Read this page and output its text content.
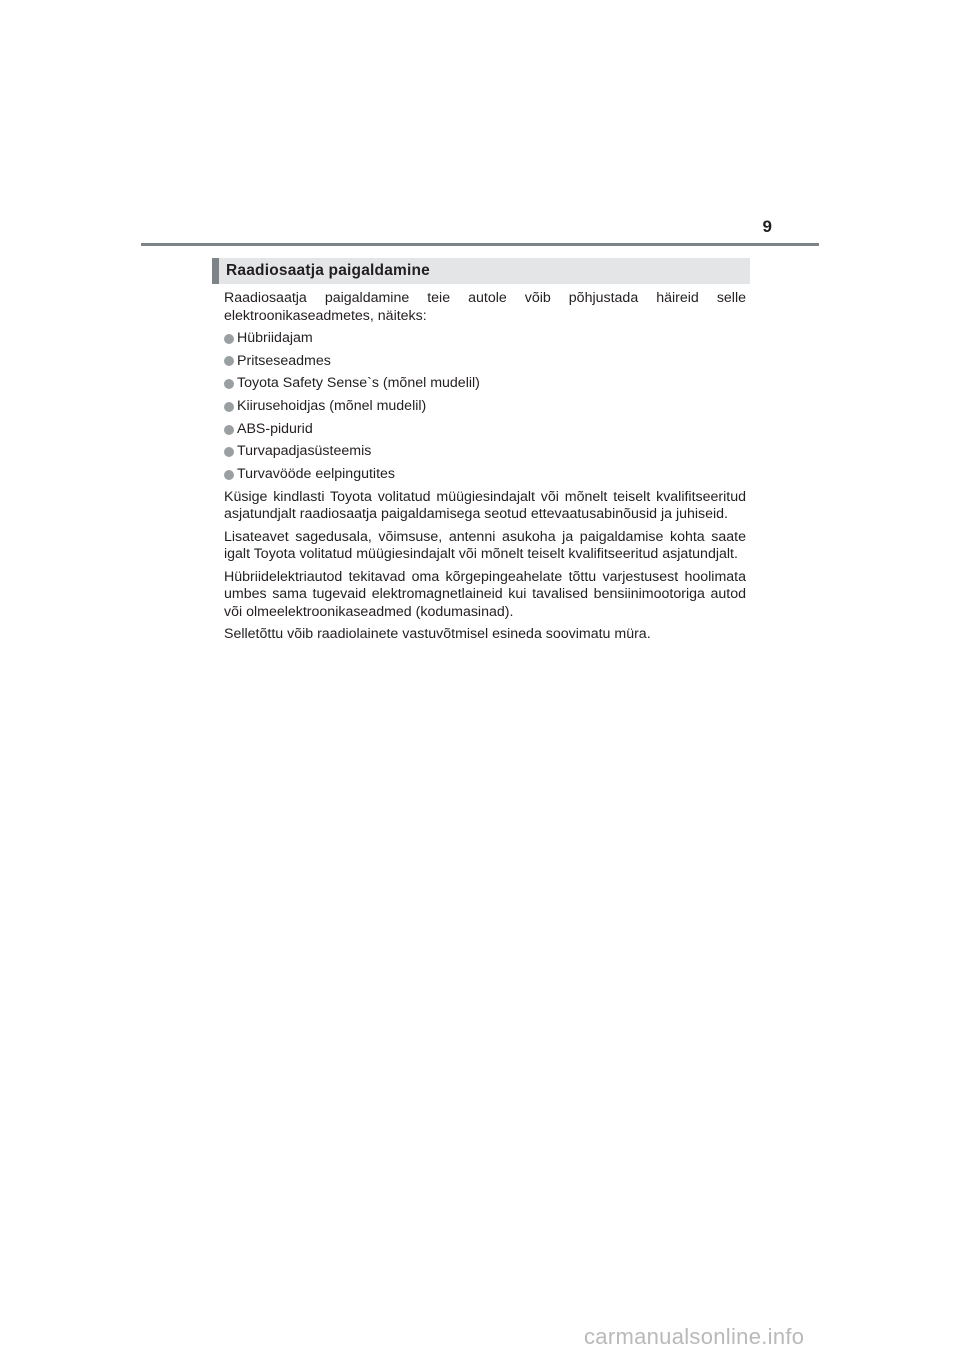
9
Raadiosaatja paigaldamine

Raadiosaatja paigaldamine teie autole võib põhjustada häireid selle elektroonikaseadmetes, näiteks:

Hübriidajam
Pritseseadmes
Toyota Safety Sense`s (mõnel mudelil)
Kiirusehoidjas (mõnel mudelil)
ABS-pidurid
Turvapadjasüsteemis
Turvavööde eelpingutites

Küsige kindlasti Toyota volitatud müügiesindajalt või mõnelt teiselt kvalifitseeritud asjatundjalt raadiosaatja paigaldamisega seotud ettevaatusabinõusid ja juhiseid.

Lisateavet sagedusala, võimsuse, antenni asukoha ja paigaldamise kohta saate igalt Toyota volitatud müügiesindajalt või mõnelt teiselt kvalifitseeritud asjatundjalt.

Hübriidelektriautod tekitavad oma kõrgepingeahelate tõttu varjestusest hoolimata umbes sama tugevaid elektromagnetlaineid kui tavalised bensiinimootoriga autod või olmeelektroonikaseadmed (kodumasinad).

Selletõttu võib raadiolainete vastuvõtmisel esineda soovimatu müra.

carmanualsonline.info
